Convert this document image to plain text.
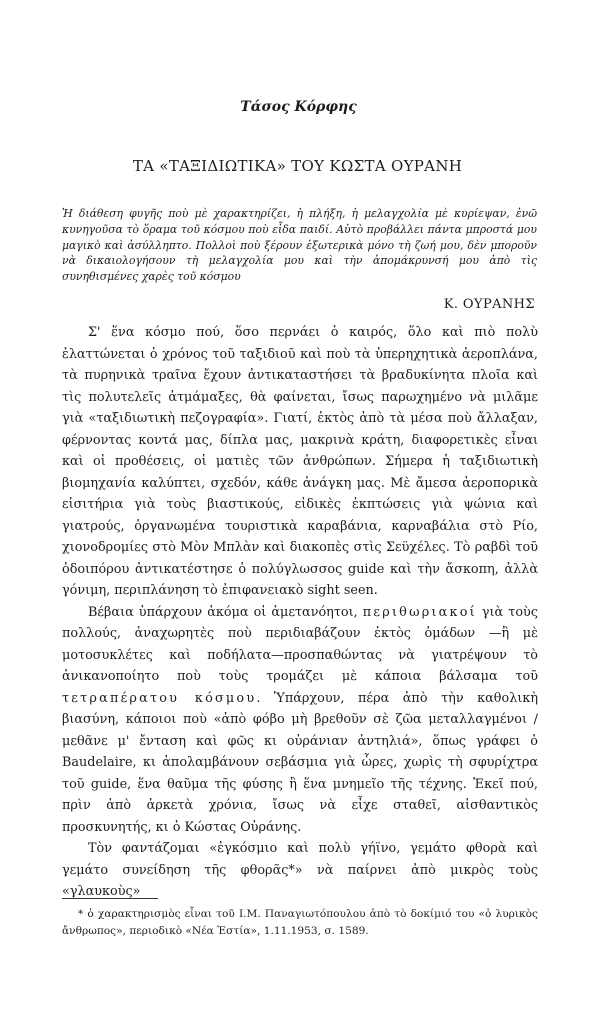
Τάσος Κόρφης
ΤΑ «ΤΑΞΙΔΙΩΤΙΚΑ» ΤΟΥ ΚΩΣΤΑ ΟΥΡΑΝΗ

Ἡ διάθεση φυγῆς ποὺ μὲ χαρακτηρίζει, ἡ πλήξη, ἡ μελαγχολία μὲ κυρίεψαν, ἐνῶ κυνηγοῦσα τὸ ὅραμα τοῦ κόσμου ποὺ εἶδα παιδί. Αὐτὸ προβάλλει πάντα μπροστά μου μαγικὸ καὶ ἀσύλληπτο. Πολλοὶ ποὺ ξέρουν ἐξωτερικὰ μόνο τὴ ζωή μου, δὲν μποροῦν νὰ δικαιολογήσουν τὴ μελαγχολία μου καὶ τὴν ἀπομάκρυνσή μου ἀπὸ τὶς συνηθισμένες χαρὲς τοῦ κόσμου

Κ. ΟΥΡΑΝΗΣ

Σ' ἕνα κόσμο πού, ὅσο περνάει ὁ καιρός, ὅλο καὶ πιὸ πολὺ ἐλαττώνεται ὁ χρόνος τοῦ ταξιδιοῦ καὶ ποὺ τὰ ὑπερηχητικὰ ἀεροπλάνα, τὰ πυρηνικὰ τραῖνα ἔχουν ἀντικαταστήσει τὰ βραδυκίνητα πλοῖα καὶ τὶς πολυτελεῖς ἀτμάμαξες, θὰ φαίνεται, ἴσως παρωχημένο νὰ μιλᾶμε γιὰ «ταξιδιωτικὴ πεζογραφία». Γιατί, ἐκτὸς ἀπὸ τὰ μέσα ποὺ ἄλλαξαν, φέρνοντας κοντά μας, δίπλα μας, μακρινὰ κράτη, διαφορετικὲς εἶναι καὶ οἱ προθέσεις, οἱ ματιὲς τῶν ἀνθρώπων. Σήμερα ἡ ταξιδιωτικὴ βιομηχανία καλύπτει, σχεδόν, κάθε ἀνάγκη μας. Μὲ ἄμεσα ἀεροπορικὰ εἰσιτήρια γιὰ τοὺς βιαστικούς, εἰδικὲς ἐκπτώσεις γιὰ ψώνια καὶ γιατρούς, ὀργανωμένα τουριστικὰ καραβάνια, καρναβάλια στὸ Ρίο, χιονοδρομίες στὸ Μὸν Μπλὰν καὶ διακοπὲς στὶς Σεϋχέλες. Τὸ ραβδὶ τοῦ ὁδοιπόρου ἀντικατέστησε ὁ πολύγλωσσος guide καὶ τὴν ἄσκοπη, ἀλλὰ γόνιμη, περιπλάνηση τὸ ἐπιφανειακὸ sight seen.

Βέβαια ὑπάρχουν ἀκόμα οἱ ἀμετανόητοι, περιθωριακοί γιὰ τοὺς πολλούς, ἀναχωρητὲς ποὺ περιδιαβάζουν ἐκτὸς ὁμάδων —ἢ μὲ μοτοσυκλέτες καὶ ποδήλατα—προσπαθώντας νὰ γιατρέψουν τὸ ἀνικανοποίητο ποὺ τοὺς τρομάζει μὲ κάποια βάλσαμα τοῦ τετραπέρατου κόσμου. Ὑπάρχουν, πέρα ἀπὸ τὴν καθολικὴ βιασύνη, κάποιοι ποὺ «ἀπὸ φόβο μὴ βρεθοῦν σὲ ζῶα μεταλλαγμένοι / μεθᾶνε μ' ἔνταση καὶ φῶς κι οὐράνιαν ἀντηλιά», ὅπως γράφει ὁ Baudelaire, κι ἀπολαμβάνουν σεβάσμια γιὰ ὧρες, χωρὶς τὴ σφυρίχτρα τοῦ guide, ἕνα θαῦμα τῆς φύσης ἢ ἕνα μνημεῖο τῆς τέχνης. Ἐκεῖ πού, πρὶν ἀπὸ ἀρκετὰ χρόνια, ἴσως νὰ εἶχε σταθεῖ, αἰσθαντικὸς προσκυνητής, κι ὁ Κώστας Οὐράνης.

Τὸν φαντάζομαι «ἐγκόσμιο καὶ πολὺ γήϊνο, γεμάτο φθορὰ καὶ γεμάτο συνείδηση τῆς φθορᾶς*» νὰ παίρνει ἀπὸ μικρὸς τοὺς «γλαυκοὺς»

* ὁ χαρακτηρισμὸς εἶναι τοῦ Ι.Μ. Παναγιωτόπουλου ἀπὸ τὸ δοκίμιό του «ὁ λυρικὸς ἄνθρωπος», περιοδικὸ «Νέα Ἑστία», 1.11.1953, σ. 1589.
